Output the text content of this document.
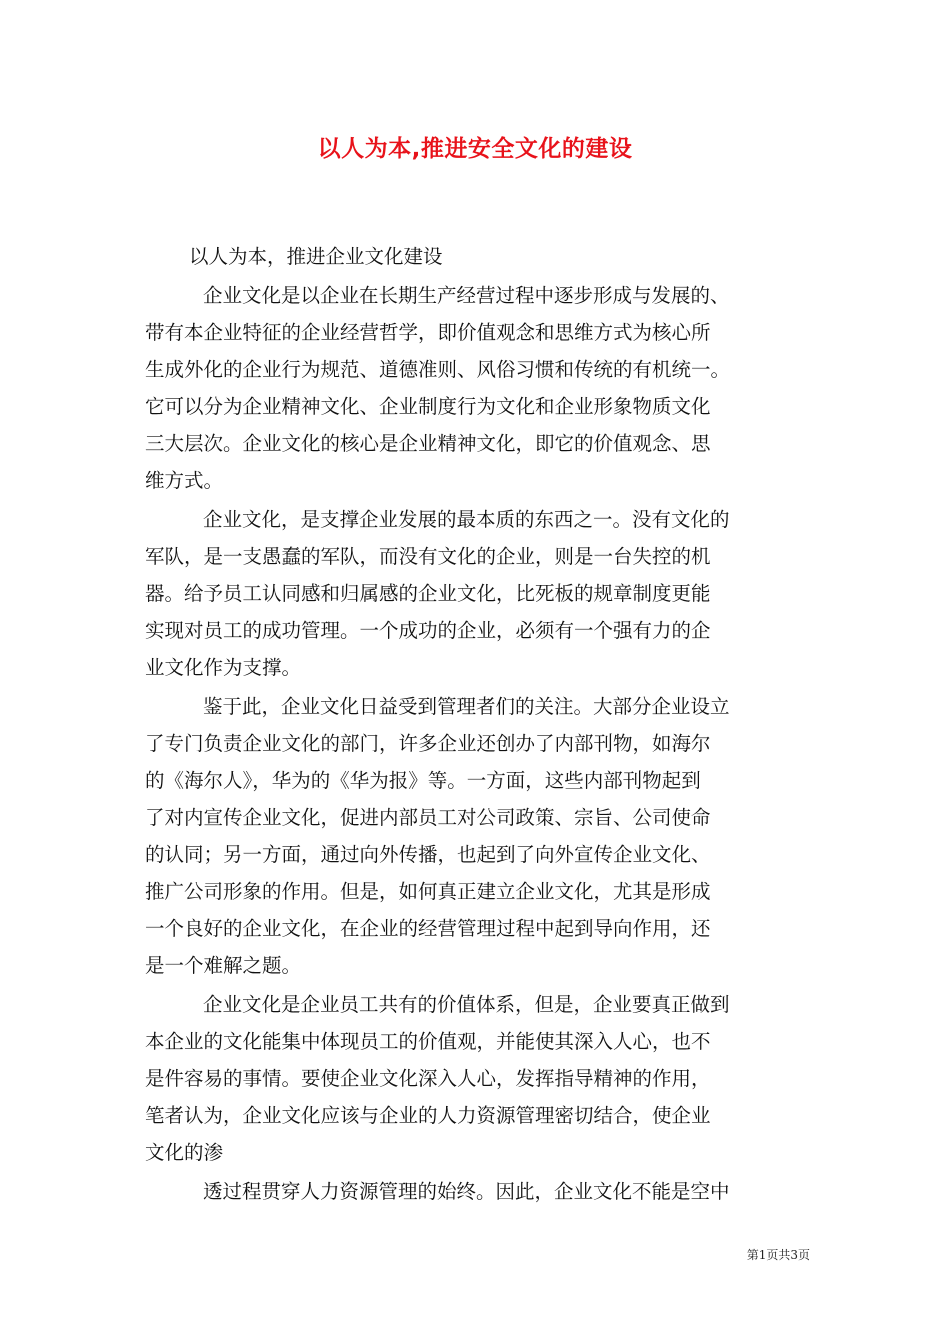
以人为本,推进安全文化的建设

以人为本，推进企业文化建设

企业文化是以企业在长期生产经营过程中逐步形成与发展的、
带有本企业特征的企业经营哲学，即价值观念和思维方式为核心所
生成外化的企业行为规范、道德准则、风俗习惯和传统的有机统一。
它可以分为企业精神文化、企业制度行为文化和企业形象物质文化
三大层次。企业文化的核心是企业精神文化，即它的价值观念、思
维方式。
企业文化，是支撑企业发展的最本质的东西之一。没有文化的
军队，是一支愚蠢的军队，而没有文化的企业，则是一台失控的机
器。给予员工认同感和归属感的企业文化，比死板的规章制度更能
实现对员工的成功管理。一个成功的企业，必须有一个强有力的企
业文化作为支撑。
鉴于此，企业文化日益受到管理者们的关注。大部分企业设立
了专门负责企业文化的部门，许多企业还创办了内部刊物，如海尔
的《海尔人》，华为的《华为报》等。一方面，这些内部刊物起到
了对内宣传企业文化，促进内部员工对公司政策、宗旨、公司使命
的认同；另一方面，通过向外传播，也起到了向外宣传企业文化、
推广公司形象的作用。但是，如何真正建立企业文化，尤其是形成
一个良好的企业文化，在企业的经营管理过程中起到导向作用，还
是一个难解之题。
企业文化是企业员工共有的价值体系，但是，企业要真正做到
本企业的文化能集中体现员工的价值观，并能使其深入人心，也不
是件容易的事情。要使企业文化深入人心，发挥指导精神的作用，
笔者认为，企业文化应该与企业的人力资源管理密切结合，使企业
文化的渗
透过程贯穿人力资源管理的始终。因此，企业文化不能是空中
第1页共3页
